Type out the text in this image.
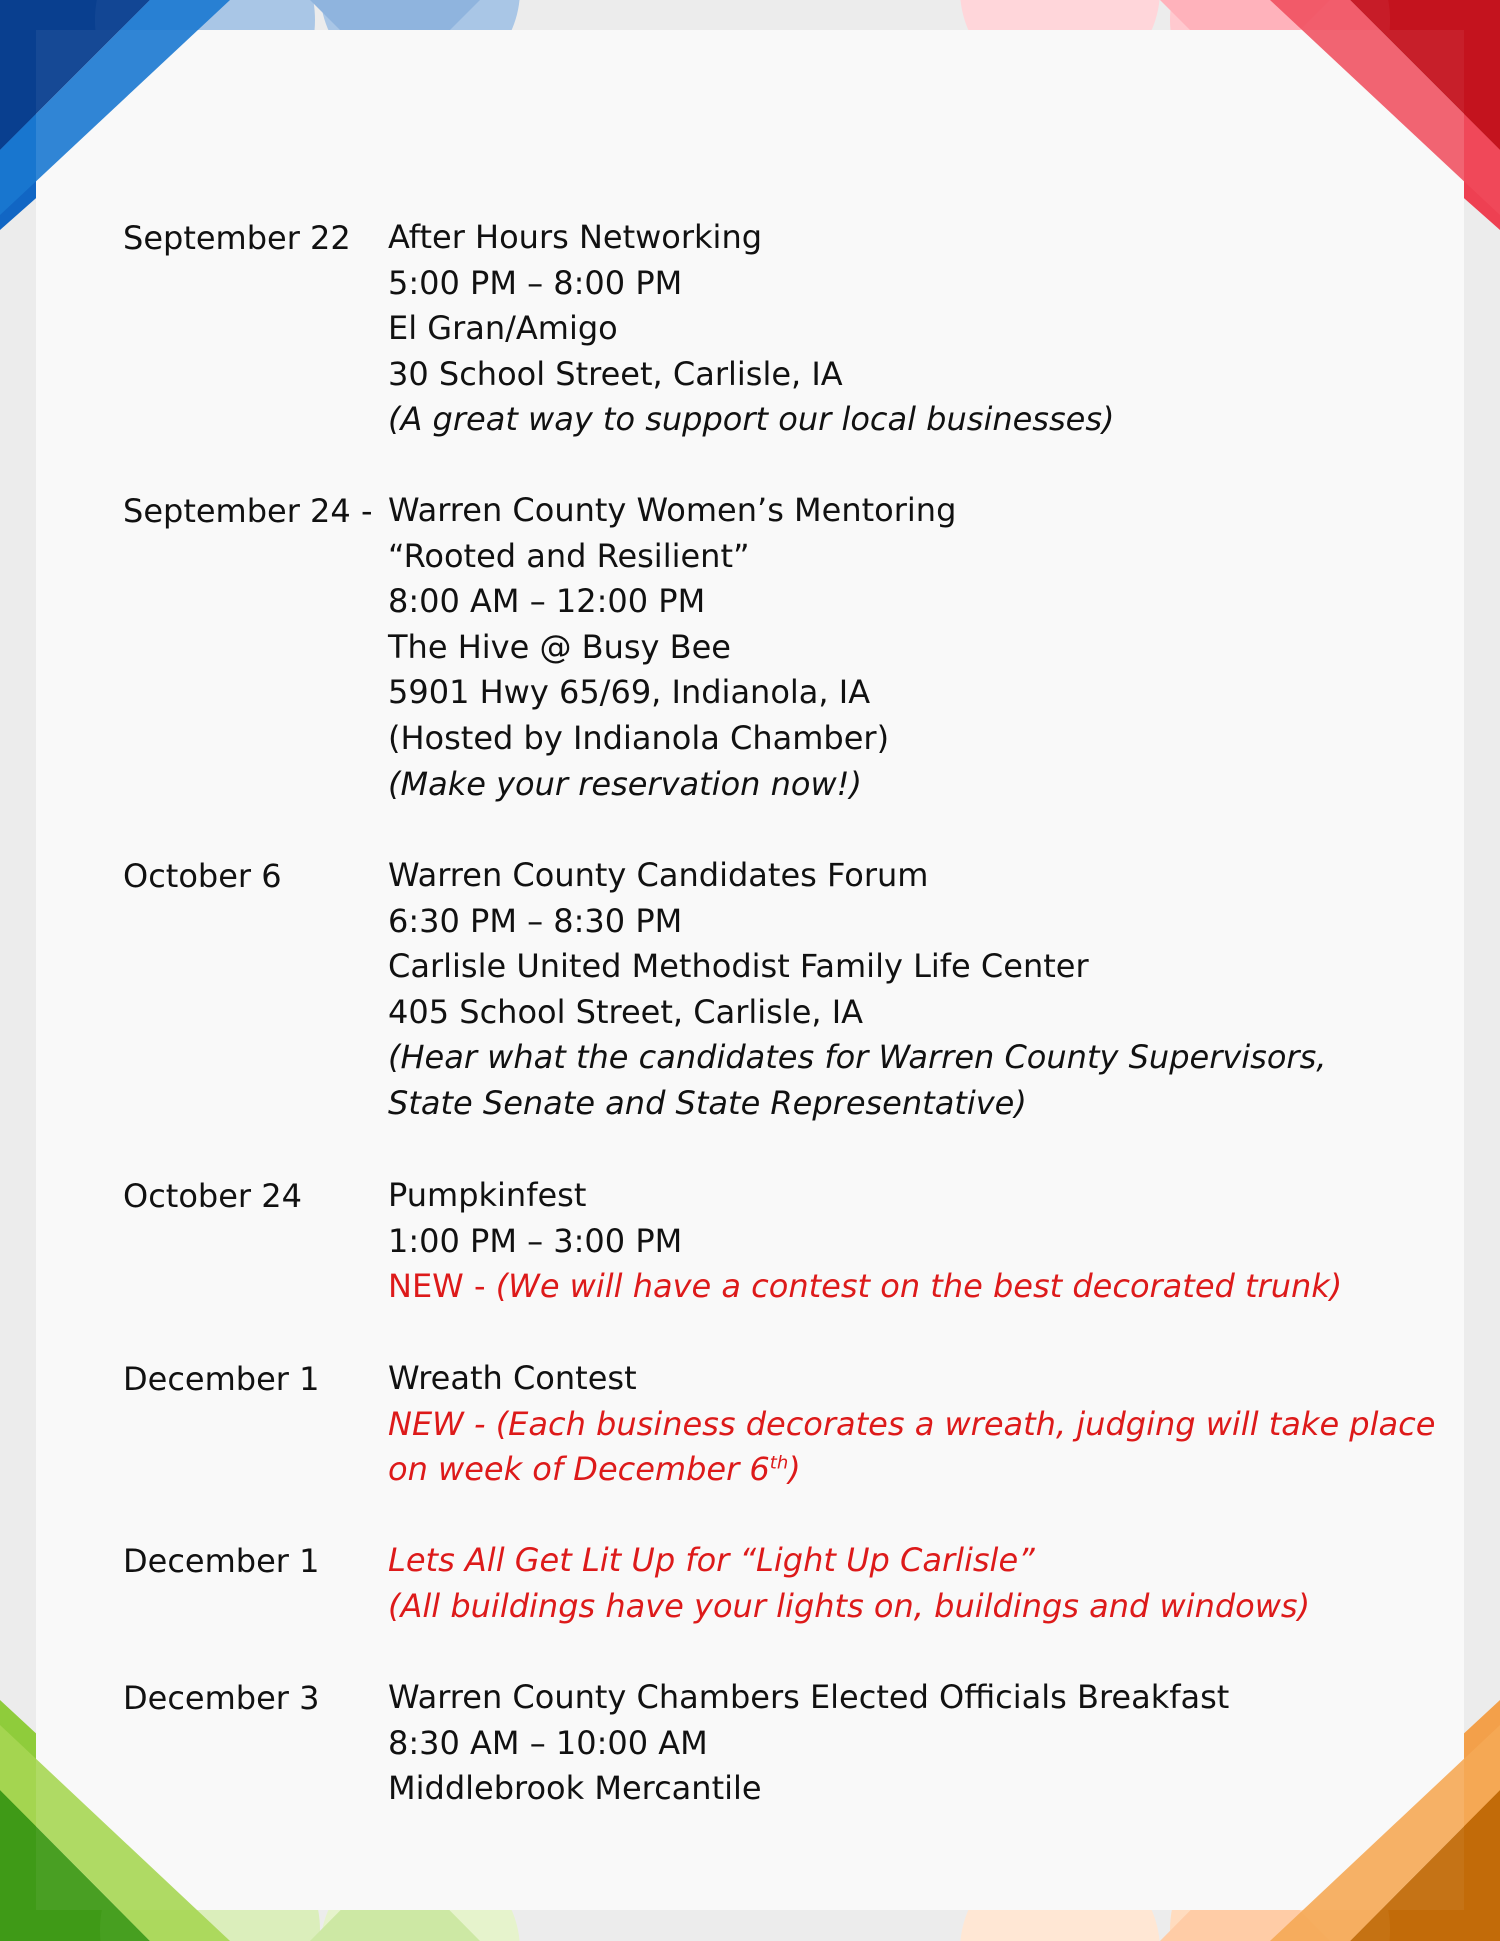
September 22 After Hours Networking
5:00 PM – 8:00 PM
El Gran/Amigo
30 School Street, Carlisle, IA
(A great way to support our local businesses)
September 24 - Warren County Women’s Mentoring
“Rooted and Resilient”
8:00 AM – 12:00 PM
The Hive @ Busy Bee
5901 Hwy 65/69, Indianola, IA
(Hosted by Indianola Chamber)
(Make your reservation now!)
October 6	Warren County Candidates Forum
6:30 PM – 8:30 PM
Carlisle United Methodist Family Life Center
405 School Street, Carlisle, IA
(Hear what the candidates for Warren County Supervisors,
State Senate and State Representative)
October 24	Pumpkinfest
1:00 PM – 3:00 PM
NEW - (We will have a contest on the best decorated trunk)
December 1 Wreath Contest
NEW - (Each business decorates a wreath, judging will take place
on week of December 6th)
December 1 Lets All Get Lit Up for “Light Up Carlisle”
(All buildings have your lights on, buildings and windows)
December 3 Warren County Chambers Elected Officials Breakfast
8:30 AM – 10:00 AM
Middlebrook Mercantile
